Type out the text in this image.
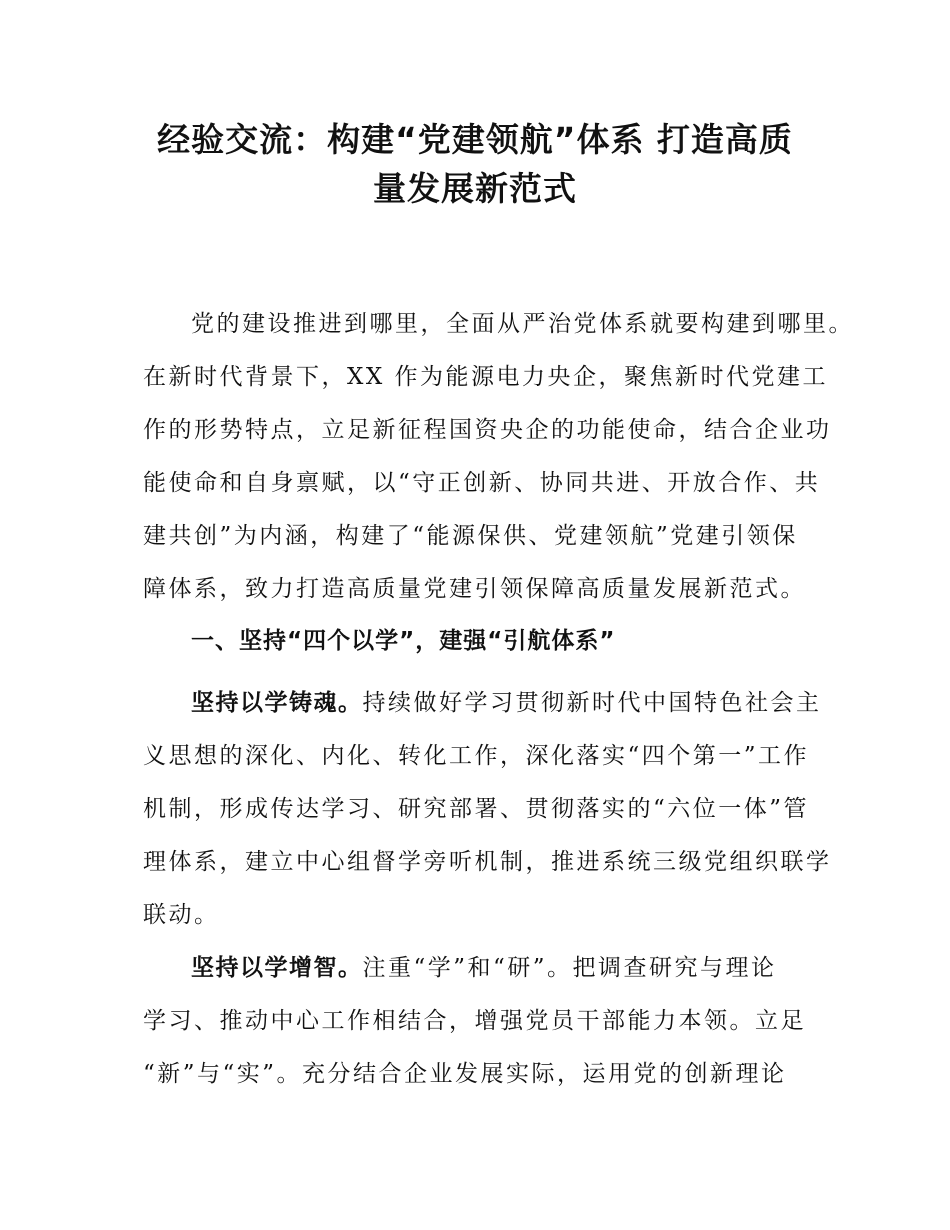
经验交流：构建“党建领航”体系 打造高质
量发展新范式
党的建设推进到哪里，全面从严治党体系就要构建到哪里。
在新时代背景下，XX 作为能源电力央企，聚焦新时代党建工
作的形势特点，立足新征程国资央企的功能使命，结合企业功
能使命和自身禀赋，以“守正创新、协同共进、开放合作、共
建共创”为内涵，构建了“能源保供、党建领航”党建引领保
障体系，致力打造高质量党建引领保障高质量发展新范式。
一、坚持“四个以学”，建强“引航体系”
坚持以学铸魂。持续做好学习贯彻新时代中国特色社会主
义思想的深化、内化、转化工作，深化落实“四个第一”工作
机制，形成传达学习、研究部署、贯彻落实的“六位一体”管
理体系，建立中心组督学旁听机制，推进系统三级党组织联学
联动。
坚持以学增智。注重“学”和“研”。把调查研究与理论
学习、推动中心工作相结合，增强党员干部能力本领。立足
“新”与“实”。充分结合企业发展实际，运用党的创新理论
